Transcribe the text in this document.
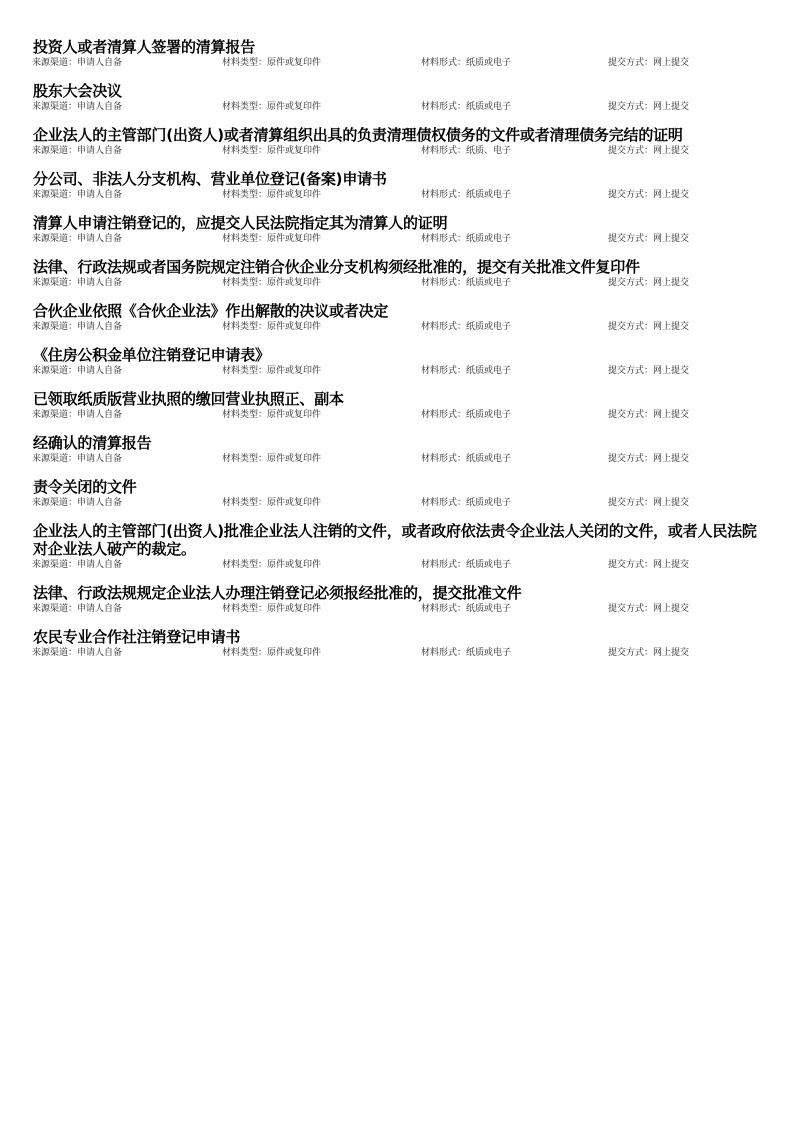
投资人或者清算人签署的清算报告
来源渠道：申请人自备	材料类型：原件或复印件	材料形式：纸质或电子	提交方式：网上提交
股东大会决议
来源渠道：申请人自备	材料类型：原件或复印件	材料形式：纸质或电子	提交方式：网上提交
企业法人的主管部门(出资人)或者清算组织出具的负责清理债权债务的文件或者清理债务完结的证明
来源渠道：申请人自备	材料类型：原件或复印件	材料形式：纸质、电子	提交方式：网上提交
分公司、非法人分支机构、营业单位登记(备案)申请书
来源渠道：申请人自备	材料类型：原件或复印件	材料形式：纸质或电子	提交方式：网上提交
清算人申请注销登记的，应提交人民法院指定其为清算人的证明
来源渠道：申请人自备	材料类型：原件或复印件	材料形式：纸质或电子	提交方式：网上提交
法律、行政法规或者国务院规定注销合伙企业分支机构须经批准的，提交有关批准文件复印件
来源渠道：申请人自备	材料类型：原件或复印件	材料形式：纸质或电子	提交方式：网上提交
合伙企业依照《合伙企业法》作出解散的决议或者决定
来源渠道：申请人自备	材料类型：原件或复印件	材料形式：纸质或电子	提交方式：网上提交
《住房公积金单位注销登记申请表》
来源渠道：申请人自备	材料类型：原件或复印件	材料形式：纸质或电子	提交方式：网上提交
已领取纸质版营业执照的缴回营业执照正、副本
来源渠道：申请人自备	材料类型：原件或复印件	材料形式：纸质或电子	提交方式：网上提交
经确认的清算报告
来源渠道：申请人自备	材料类型：原件或复印件	材料形式：纸质或电子	提交方式：网上提交
责令关闭的文件
来源渠道：申请人自备	材料类型：原件或复印件	材料形式：纸质或电子	提交方式：网上提交
企业法人的主管部门(出资人)批准企业法人注销的文件，或者政府依法责令企业法人关闭的文件，或者人民法院对企业法人破产的裁定。
来源渠道：申请人自备	材料类型：原件或复印件	材料形式：纸质或电子	提交方式：网上提交
法律、行政法规规定企业法人办理注销登记必须报经批准的，提交批准文件
来源渠道：申请人自备	材料类型：原件或复印件	材料形式：纸质或电子	提交方式：网上提交
农民专业合作社注销登记申请书
来源渠道：申请人自备	材料类型：原件或复印件	材料形式：纸质或电子	提交方式：网上提交
